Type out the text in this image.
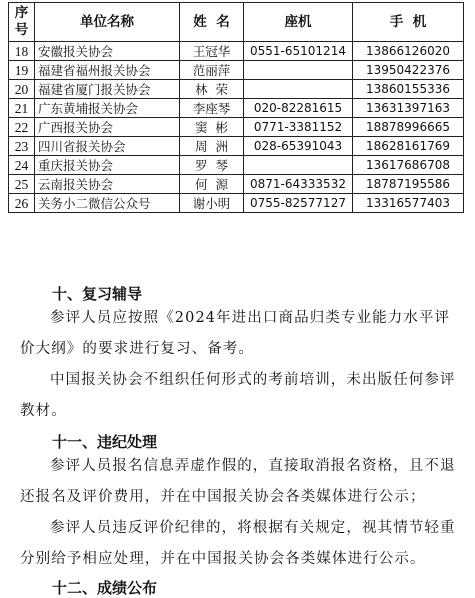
序
号	单位名称	姓  名	座机	手  机
18	安徽报关协会	王冠华	0551-65101214	13866126020
19	福建省福州报关协会	范丽萍		13950422376
20	福建省厦门报关协会	林  荣		13860155336
21	广东黄埔报关协会	李座琴	020-82281615	13631397163
22	广西报关协会	窦  彬	0771-3381152	18878996665
23	四川省报关协会	周  洲	028-65391043	18628161769
24	重庆报关协会	罗  琴		13617686708
25	云南报关协会	何  源	0871-64333532	18787195586
26	关务小二微信公众号	谢小明	0755-82577127	13316577403
十、复习辅导

参评人员应按照《2024年进出口商品归类专业能力水平评价大纲》的要求进行复习、备考。

中国报关协会不组织任何形式的考前培训，未出版任何参评教材。

十一、违纪处理

参评人员报名信息弄虚作假的，直接取消报名资格，且不退还报名及评价费用，并在中国报关协会各类媒体进行公示；

参评人员违反评价纪律的，将根据有关规定，视其情节轻重分别给予相应处理，并在中国报关协会各类媒体进行公示。

十二、成绩公布
